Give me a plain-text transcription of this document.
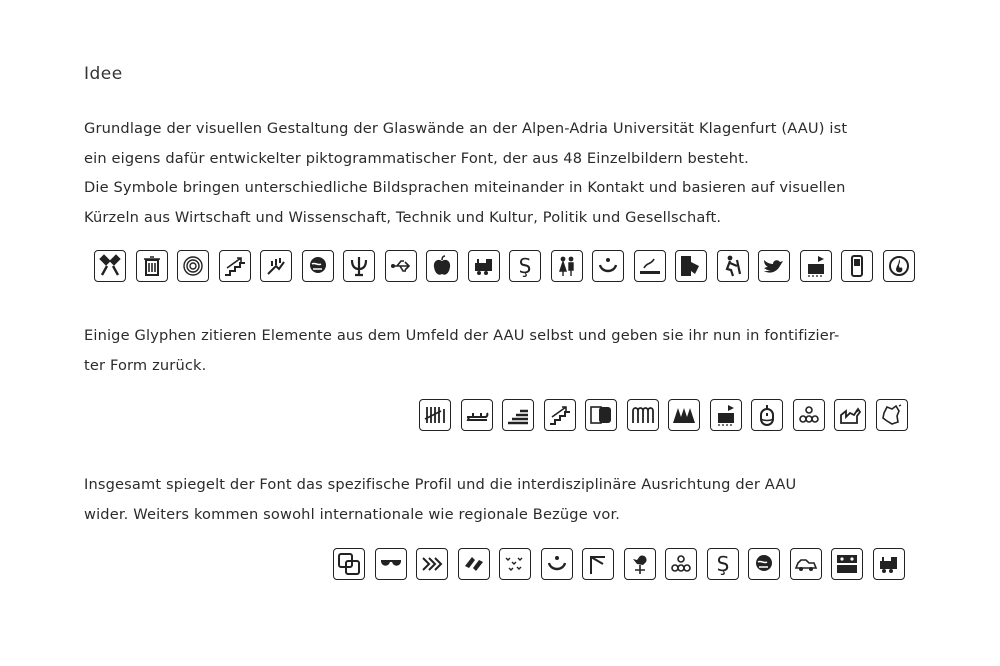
Idee

Grundlage der visuellen Gestaltung der Glaswände an der Alpen-Adria Universität Klagenfurt (AAU) ist
ein eigens dafür entwickelter piktogrammatischer Font, der aus 48 Einzelbildern besteht.
Die Symbole bringen unterschiedliche Bildsprachen miteinander in Kontakt und basieren auf visuellen
Kürzeln aus Wirtschaft und Wissenschaft, Technik und Kultur, Politik und Gesellschaft.

Ş

Einige Glyphen zitieren Elemente aus dem Umfeld der AAU selbst und geben sie ihr nun in fontifizier-
ter Form zurück.

Insgesamt spiegelt der Font das spezifische Profil und die interdisziplinäre Ausrichtung der AAU
wider. Weiters kommen sowohl internationale wie regionale Bezüge vor.

Ş
